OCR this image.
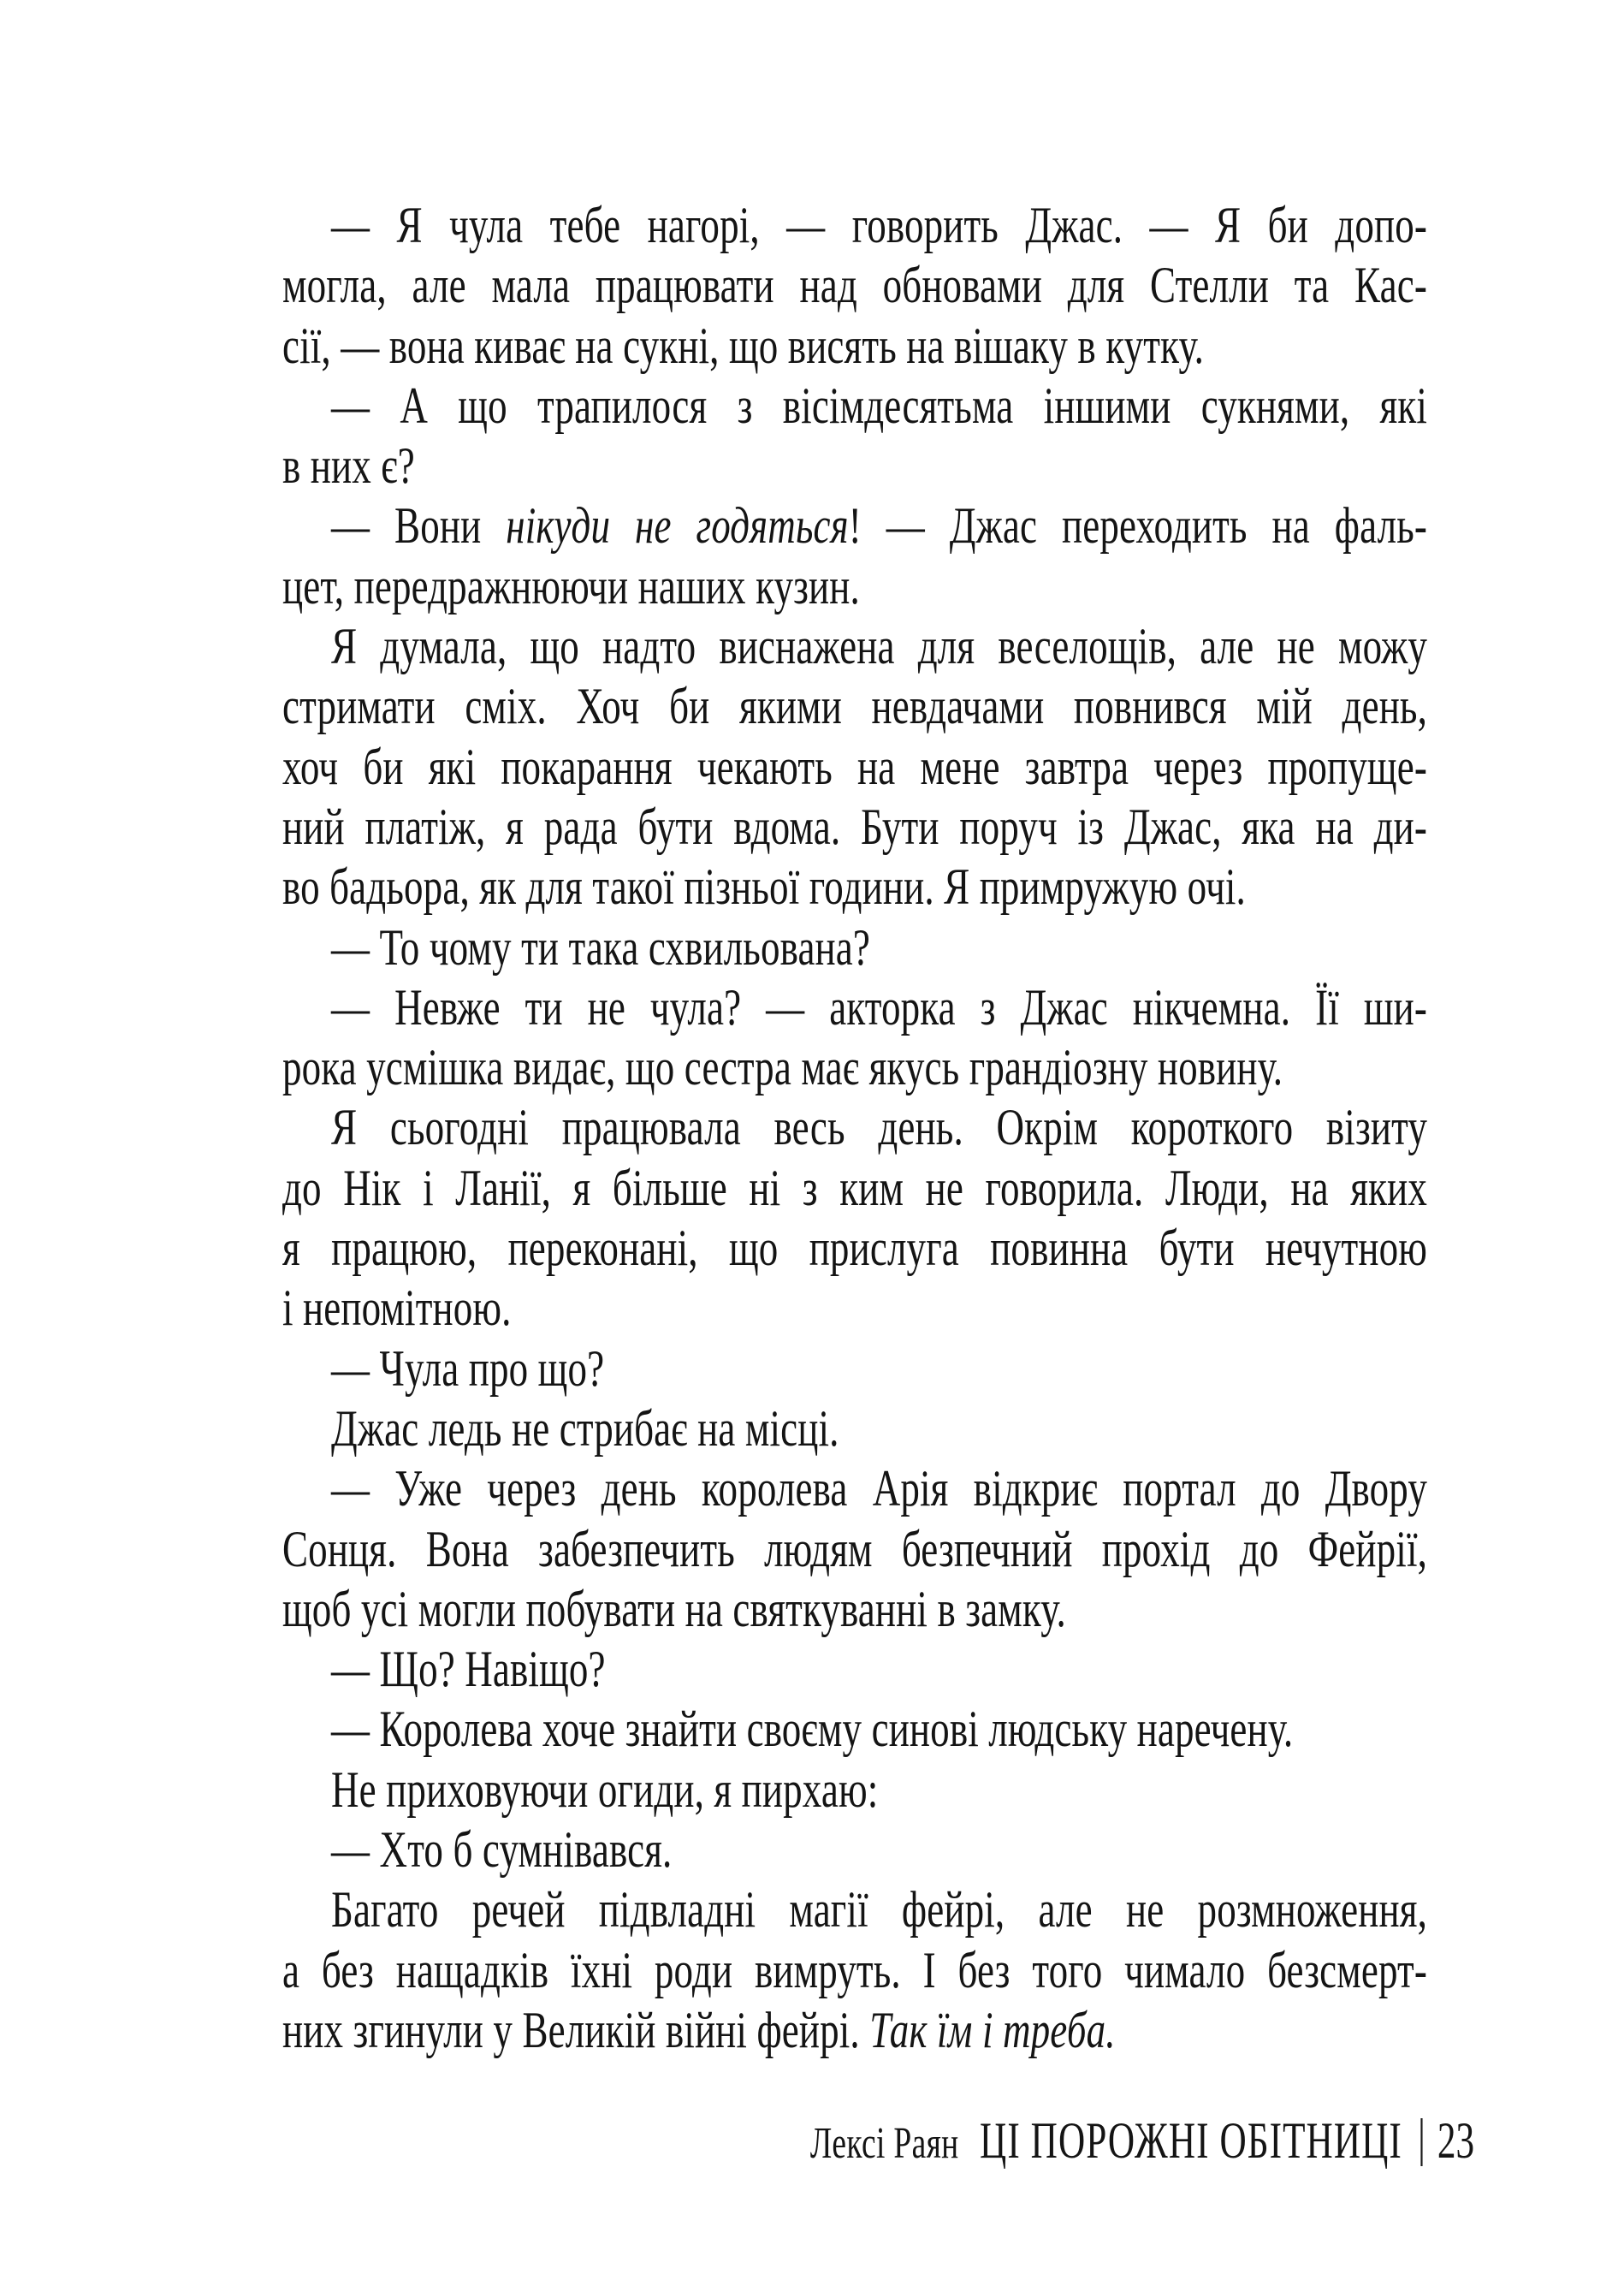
— Я чула тебе нагорі, — говорить Джас. — Я би допо-
могла, але мала працювати над обновами для Стелли та Кас-
сії, — вона киває на сукні, що висять на вішаку в кутку.
— А що трапилося з вісімдесятьма іншими сукнями, які
в них є?
— Вони нікуди не годяться! — Джас переходить на фаль-
цет, передражнюючи наших кузин.
Я думала, що надто виснажена для веселощів, але не можу
стримати сміх. Хоч би якими невдачами повнився мій день,
хоч би які покарання чекають на мене завтра через пропуще-
ний платіж, я рада бути вдома. Бути поруч із Джас, яка на ди-
во бадьора, як для такої пізньої години. Я примружую очі.
— То чому ти така схвильована?
— Невже ти не чула? — акторка з Джас нікчемна. Її ши-
рока усмішка видає, що сестра має якусь грандіозну новину.
Я сьогодні працювала весь день. Окрім короткого візиту
до Нік і Ланії, я більше ні з ким не говорила. Люди, на яких
я працюю, переконані, що прислуга повинна бути нечутною
і непомітною.
— Чула про що?
Джас ледь не стрибає на місці.
— Уже через день королева Арія відкриє портал до Двору
Сонця. Вона забезпечить людям безпечний прохід до Фейрії,
щоб усі могли побувати на святкуванні в замку.
— Що? Навіщо?
— Королева хоче знайти своєму синові людську наречену.
Не приховуючи огиди, я пирхаю:
— Хто б сумнівався.
Багато речей підвладні магії фейрі, але не розмноження,
а без нащадків їхні роди вимруть. І без того чимало безсмерт-
них згинули у Великій війні фейрі. Так їм і треба.
Лексі Раян ЦІ ПОРОЖНІ ОБІТНИЦІ 23
